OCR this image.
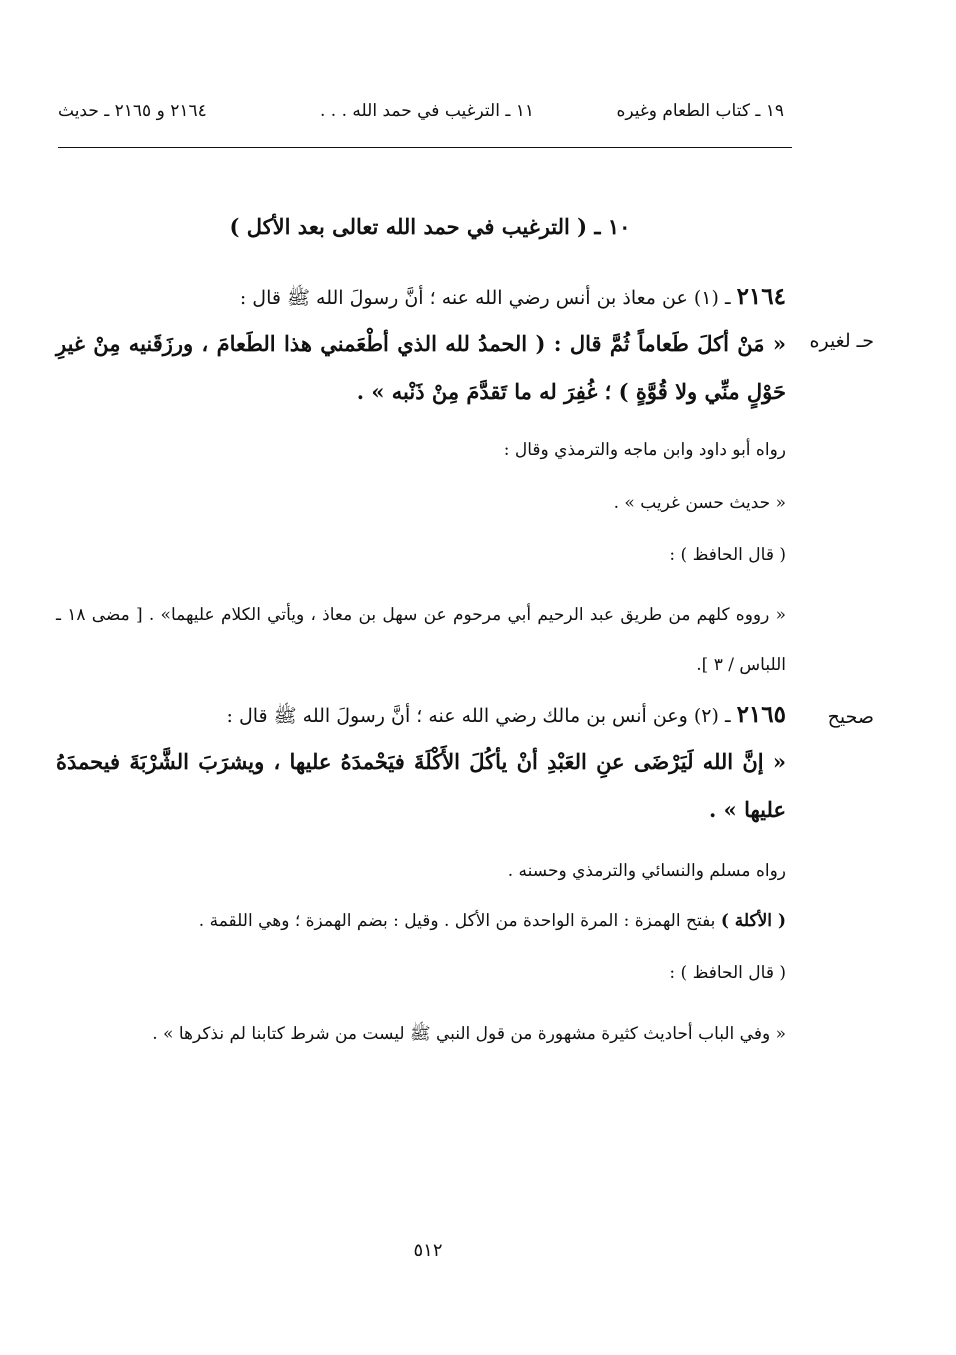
١٩ ـ كتاب الطعام وغيره
١١ ـ الترغيب في حمد الله . . .
٢١٦٤ و ٢١٦٥ ـ حديث
١٠ ـ ( الترغيب في حمد الله تعالى بعد الأكل )
حـ لغيره
٢١٦٤ ـ (١) عن معاذ بن أنس رضي الله عنه ؛ أنَّ رسولَ الله ﷺ قال :
« مَنْ أكلَ طَعاماً ثُمَّ قال : ( الحمدُ لله الذي أطْعَمني هذا الطَعامَ ، ورزَقَنيه مِنْ غيرِ حَوْلٍ منِّي ولا قُوَّةٍ ) ؛ غُفِرَ له ما تَقدَّمَ مِنْ ذَنْبه » .
رواه أبو داود وابن ماجه والترمذي وقال :
« حديث حسن غريب » .
( قال الحافظ ) :
« رووه كلهم من طريق عبد الرحيم أبي مرحوم عن سهل بن معاذ ، ويأتي الكلام عليهما» . [ مضى ١٨ ـ اللباس / ٣ ].
صحيح
٢١٦٥ ـ (٢) وعن أنس بن مالك رضي الله عنه ؛ أنَّ رسولَ الله ﷺ قال :
« إنَّ الله لَيَرْضَى عنِ العَبْدِ أنْ يأكُلَ الأَكْلَةَ فيَحْمدَهُ عليها ، ويشرَبَ الشَّرْبَةَ فيحمدَهُ عليها » .
رواه مسلم والنسائي والترمذي وحسنه .
( الأكلة ) بفتح الهمزة : المرة الواحدة من الأكل . وقيل : بضم الهمزة ؛ وهي اللقمة .
( قال الحافظ ) :
« وفي الباب أحاديث كثيرة مشهورة من قول النبي ﷺ ليست من شرط كتابنا لم نذكرها » .
٥١٢
